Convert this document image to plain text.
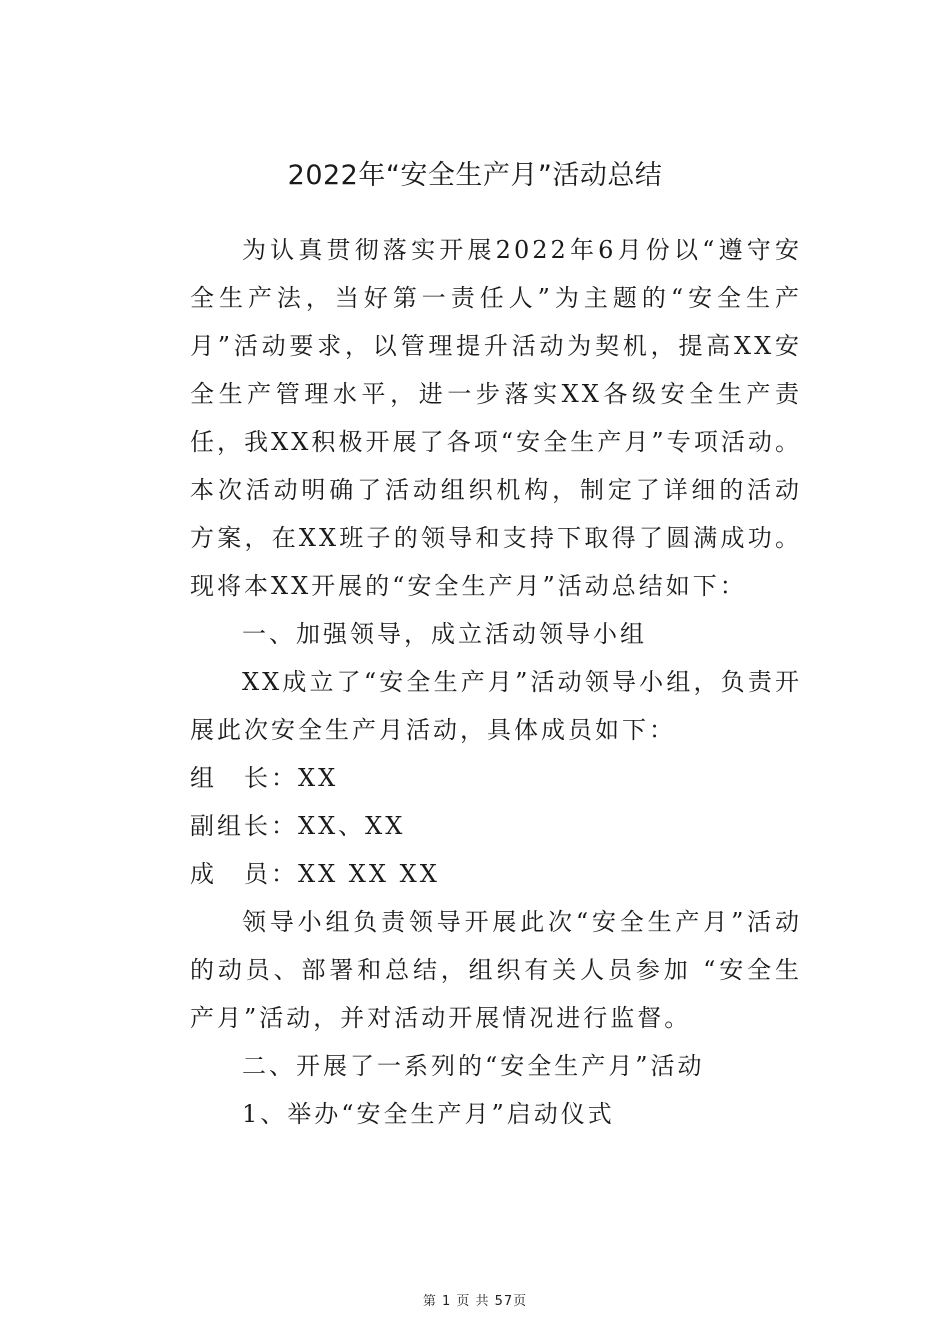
2022年“安全生产月”活动总结

为认真贯彻落实开展2022年6月份以“遵守安全生产法，当好第一责任人”为主题的“安全生产月”活动要求，以管理提升活动为契机，提高XX安全生产管理水平，进一步落实XX各级安全生产责任，我XX积极开展了各项“安全生产月”专项活动。本次活动明确了活动组织机构，制定了详细的活动方案，在XX班子的领导和支持下取得了圆满成功。现将本XX开展的“安全生产月”活动总结如下：

一、加强领导，成立活动领导小组

XX成立了“安全生产月”活动领导小组，负责开展此次安全生产月活动，具体成员如下：

组　长：XX

副组长：XX、XX

成　员：XX XX XX

领导小组负责领导开展此次“安全生产月”活动的动员、部署和总结，组织有关人员参加 “安全生产月”活动，并对活动开展情况进行监督。

二、开展了一系列的“安全生产月”活动

1、举办“安全生产月”启动仪式

第 1 页 共 57页
